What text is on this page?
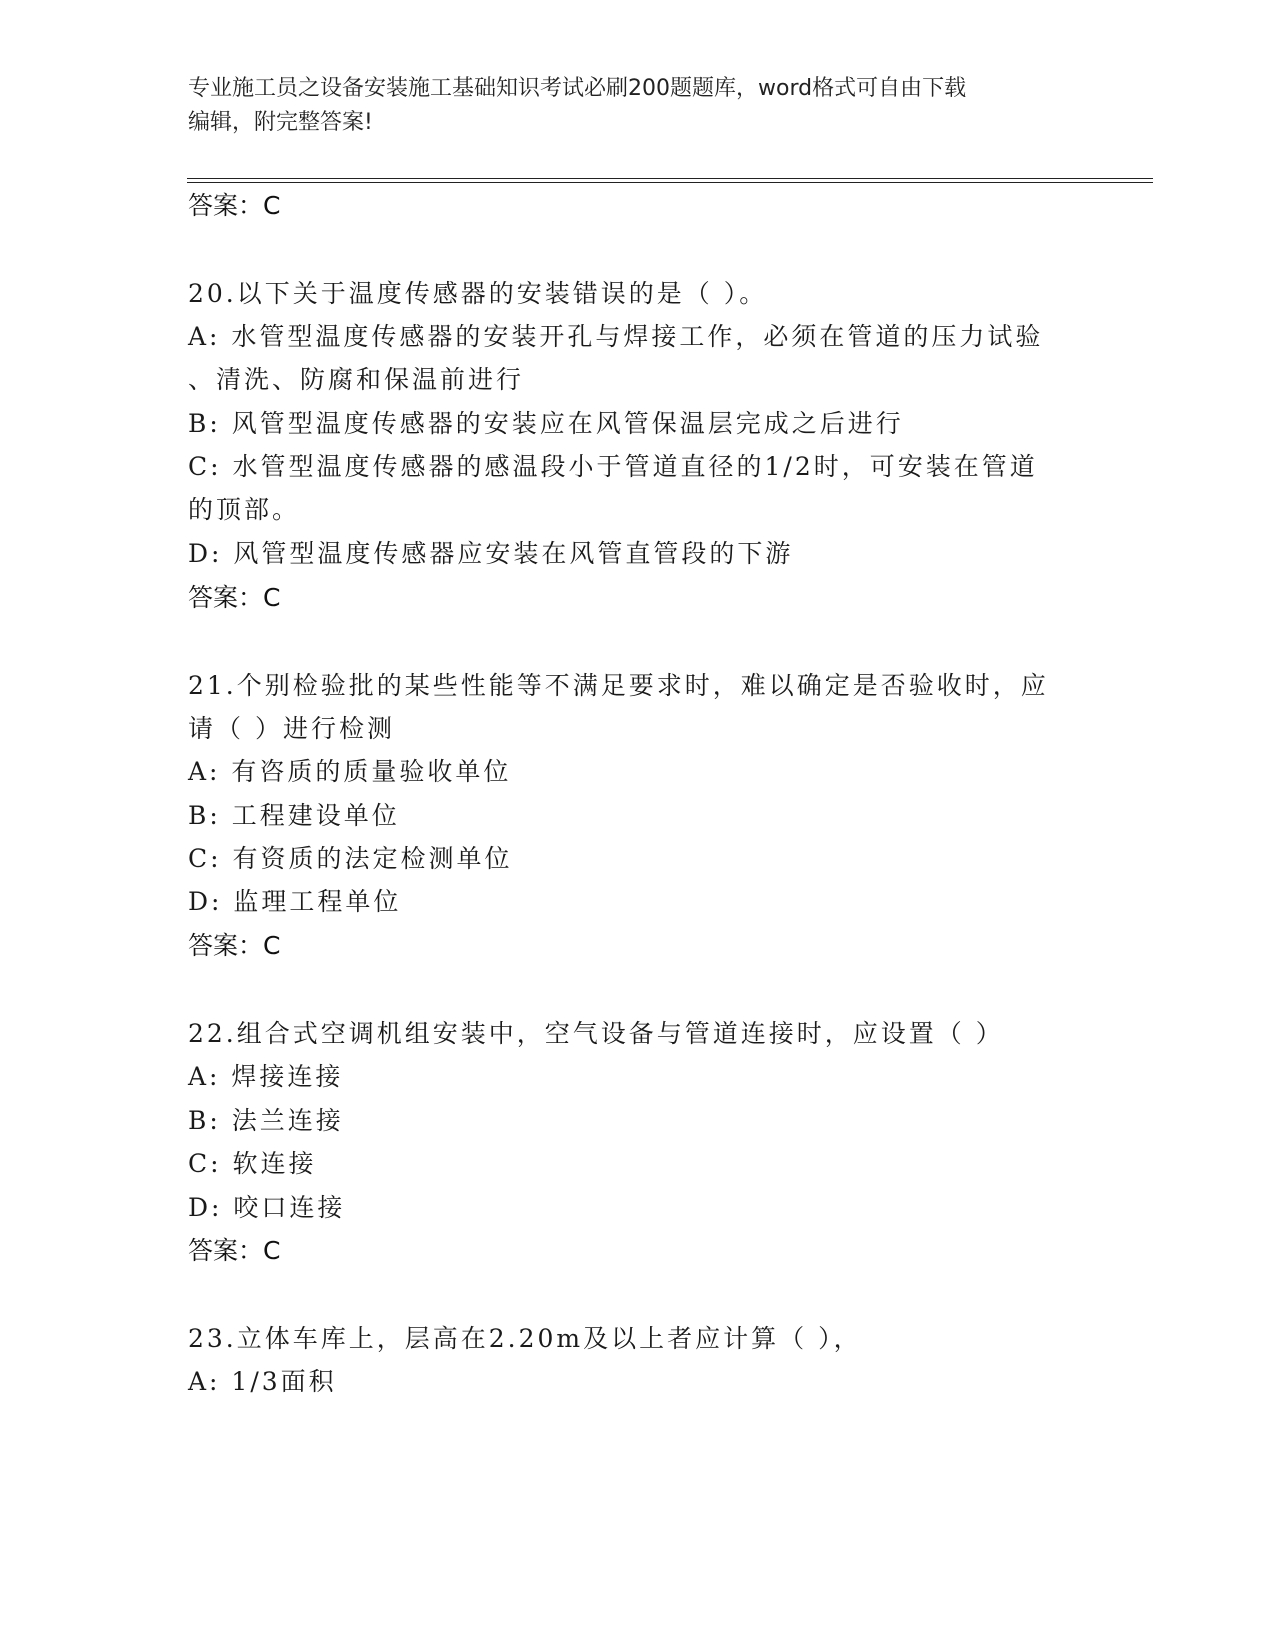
专业施工员之设备安装施工基础知识考试必刷200题题库，word格式可自由下载
编辑，附完整答案!
答案：C
20.以下关于温度传感器的安装错误的是（ ）。
A: 水管型温度传感器的安装开孔与焊接工作，必须在管道的压力试验
、清洗、防腐和保温前进行
B: 风管型温度传感器的安装应在风管保温层完成之后进行
C: 水管型温度传感器的感温段小于管道直径的1/2时，可安装在管道
的顶部。
D: 风管型温度传感器应安装在风管直管段的下游
答案：C
21.个别检验批的某些性能等不满足要求时，难以确定是否验收时，应
请（ ）进行检测
A: 有咨质的质量验收单位
B: 工程建设单位
C: 有资质的法定检测单位
D: 监理工程单位
答案：C
22.组合式空调机组安装中，空气设备与管道连接时，应设置（ ）
A: 焊接连接
B: 法兰连接
C: 软连接
D: 咬口连接
答案：C
23.立体车库上，层高在2.20m及以上者应计算（ ），
A: 1/3面积
